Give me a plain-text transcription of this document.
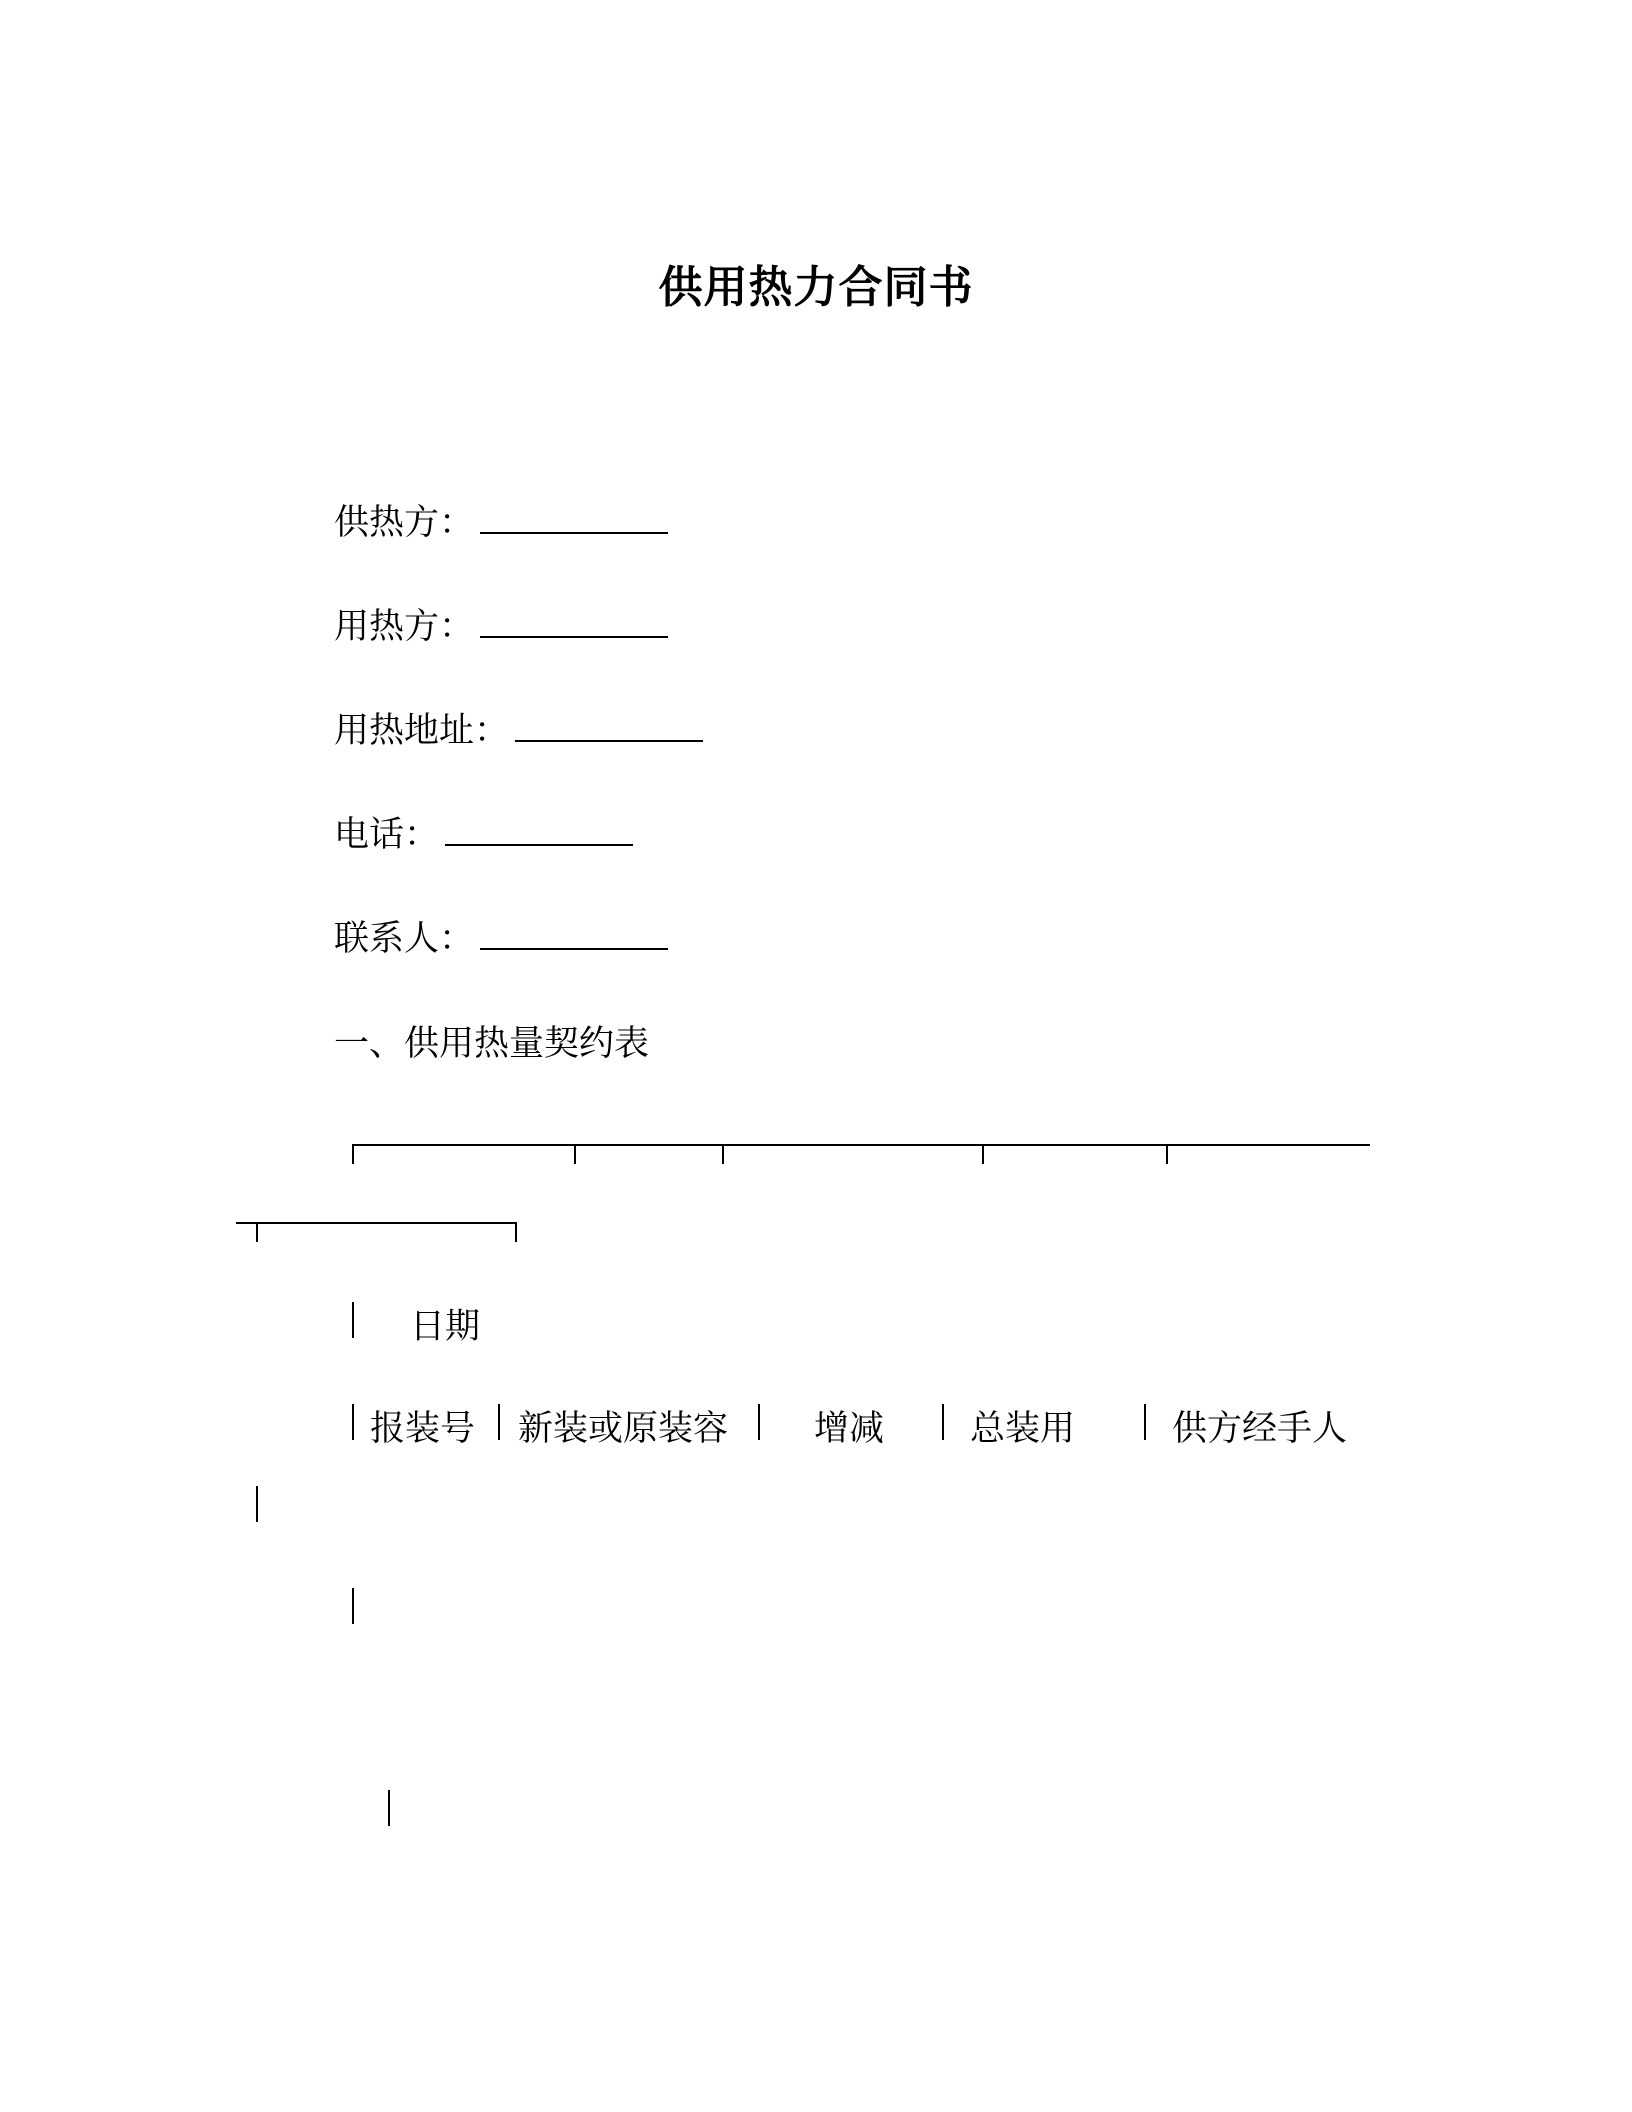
供用热力合同书
供热方：
用热方：
用热地址：
电话：
联系人：
一、供用热量契约表
日期
报装号 新装或原装容 增减 总装用	供方经手人
